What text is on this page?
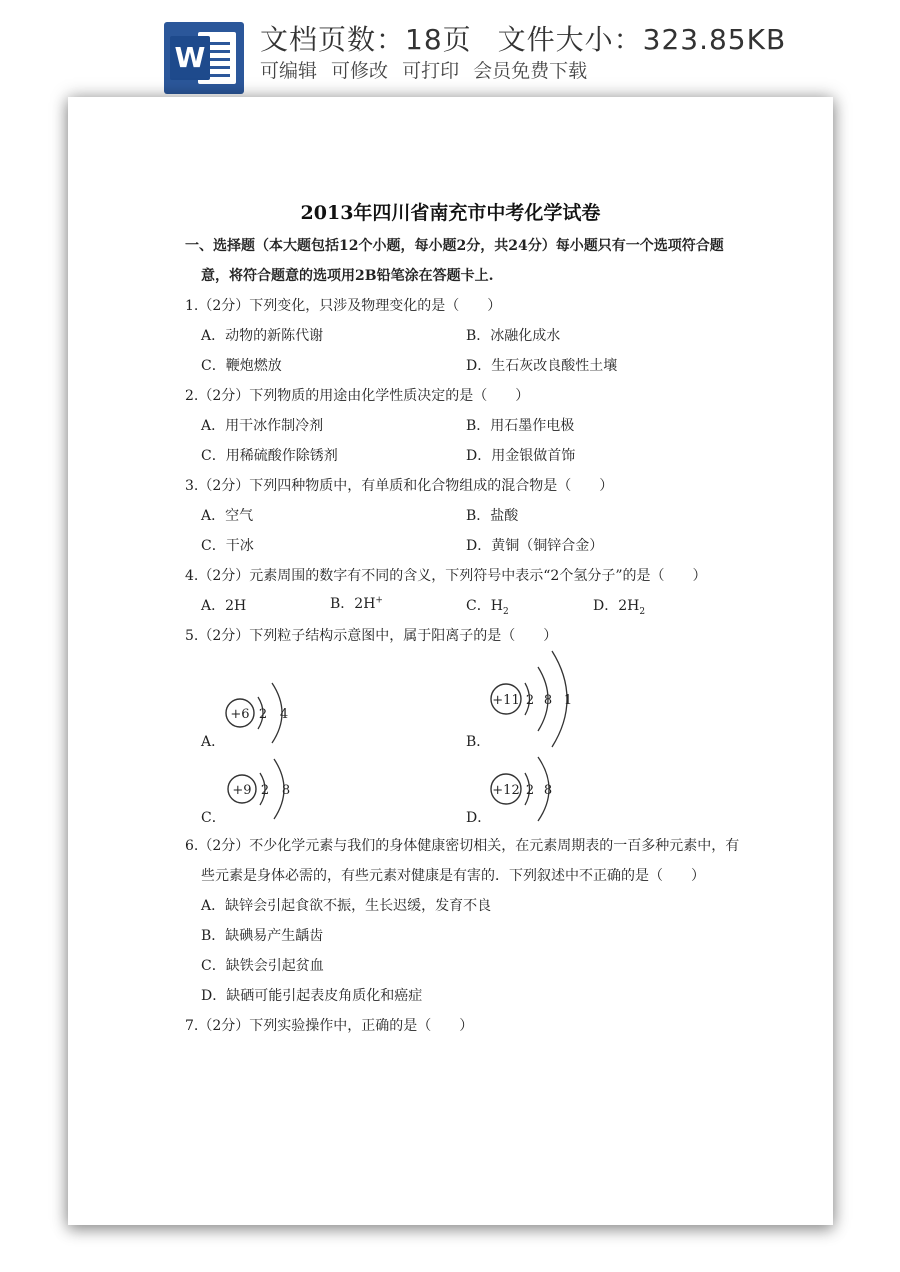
W
文档页数：18页 文件大小：323.85KB
可编辑 可修改 可打印 会员免费下载
2013年四川省南充市中考化学试卷
一、选择题（本大题包括12个小题，每小题2分，共24分）每小题只有一个选项符合题
意，将符合题意的选项用2B铅笔涂在答题卡上.
1.（2分）下列变化，只涉及物理变化的是（　　）
A．动物的新陈代谢	B．冰融化成水
C．鞭炮燃放	D．生石灰改良酸性土壤
2.（2分）下列物质的用途由化学性质决定的是（　　）
A．用干冰作制冷剂	B．用石墨作电极
C．用稀硫酸作除锈剂	D．用金银做首饰
3.（2分）下列四种物质中，有单质和化合物组成的混合物是（　　）
A．空气	B．盐酸
C．干冰	D．黄铜（铜锌合金）
4.（2分）元素周围的数字有不同的含义，下列符号中表示“2个氢分子”的是（　　）
A．2H	B．2H+	C．$H_2$	D．$2H_2$
5.（2分）下列粒子结构示意图中，属于阳离子的是（　　）
A．
+6 2 4
B．
+11 2 8 1
C．
+9 2 8
D．
+12 2 8
6.（2分）不少化学元素与我们的身体健康密切相关，在元素周期表的一百多种元素中，有
些元素是身体必需的，有些元素对健康是有害的．下列叙述中不正确的是（　　）
A．缺锌会引起食欲不振，生长迟缓，发育不良
B．缺碘易产生龋齿
C．缺铁会引起贫血
D．缺硒可能引起表皮角质化和癌症
7.（2分）下列实验操作中，正确的是（　　）
